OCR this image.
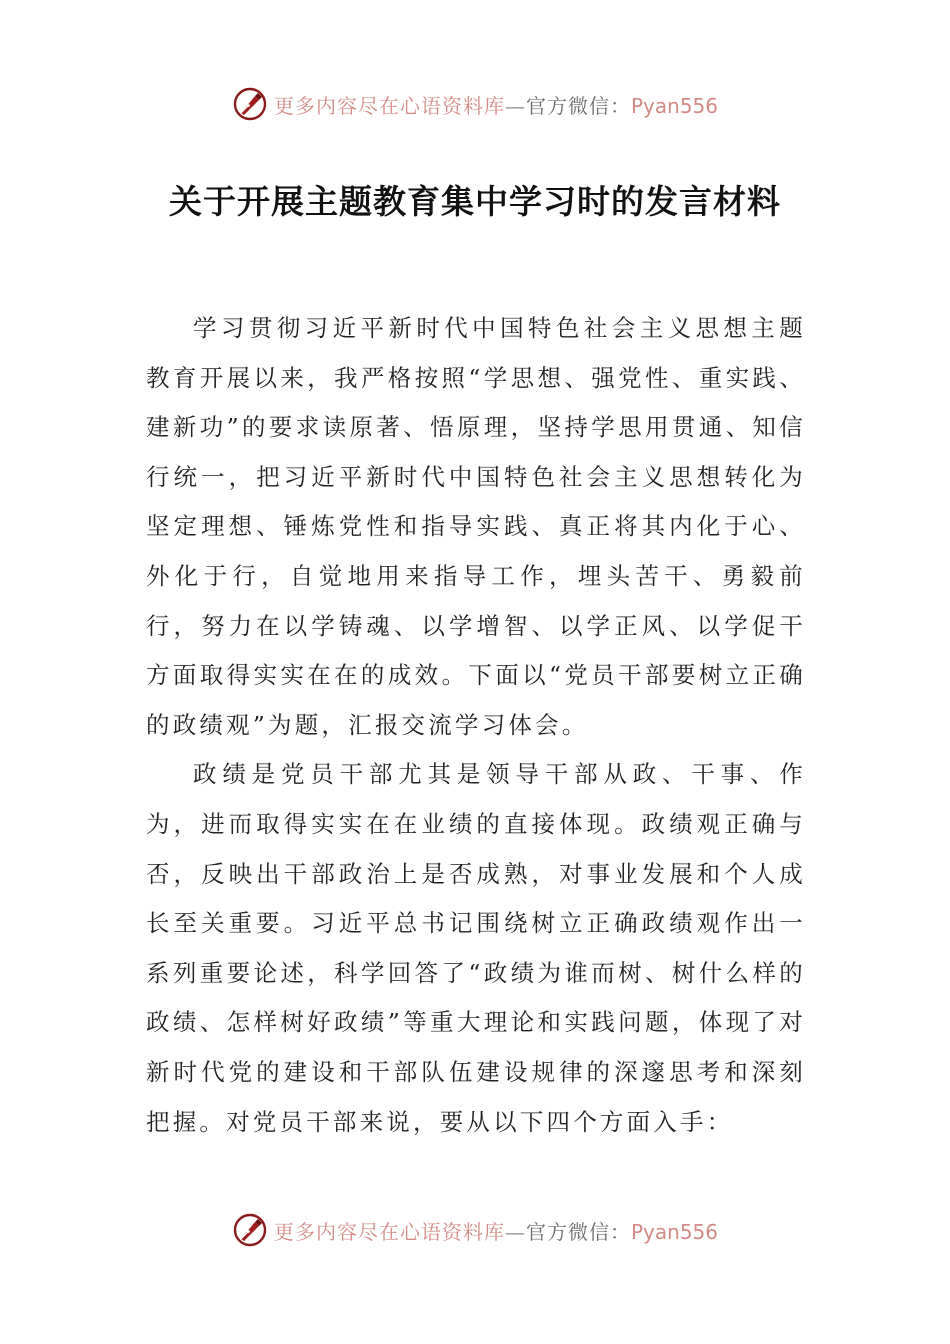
更多内容尽在心语资料库—官方微信：Pyan556
关于开展主题教育集中学习时的发言材料

学习贯彻习近平新时代中国特色社会主义思想主题教育开展以来，我严格按照“学思想、强党性、重实践、建新功”的要求读原著、悟原理，坚持学思用贯通、知信行统一，把习近平新时代中国特色社会主义思想转化为坚定理想、锤炼党性和指导实践、真正将其内化于心、外化于行，自觉地用来指导工作，埋头苦干、勇毅前行，努力在以学铸魂、以学增智、以学正风、以学促干方面取得实实在在的成效。下面以“党员干部要树立正确的政绩观”为题，汇报交流学习体会。

政绩是党员干部尤其是领导干部从政、干事、作为，进而取得实实在在业绩的直接体现。政绩观正确与否，反映出干部政治上是否成熟，对事业发展和个人成长至关重要。习近平总书记围绕树立正确政绩观作出一系列重要论述，科学回答了“政绩为谁而树、树什么样的政绩、怎样树好政绩”等重大理论和实践问题，体现了对新时代党的建设和干部队伍建设规律的深邃思考和深刻把握。对党员干部来说，要从以下四个方面入手：

更多内容尽在心语资料库—官方微信：Pyan556
